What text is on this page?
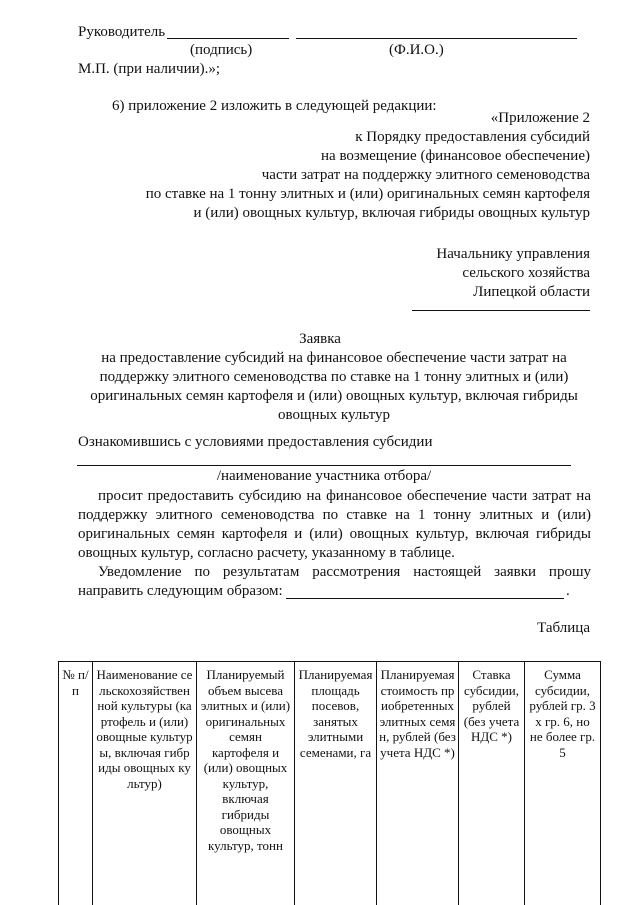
Руководитель
(подпись)	(Ф.И.О.)
М.П. (при наличии).»;
6) приложение 2 изложить в следующей редакции:
«Приложение 2
к Порядку предоставления субсидий
на возмещение (финансовое обеспечение)
части затрат на поддержку элитного семеноводства
по ставке на 1 тонну элитных и (или) оригинальных семян картофеля
и (или) овощных культур, включая гибриды овощных культур
Начальнику управления
сельского хозяйства
Липецкой области
Заявка
на предоставление субсидий на финансовое обеспечение части затрат на
поддержку элитного семеноводства по ставке на 1 тонну элитных и (или)
оригинальных семян картофеля и (или) овощных культур, включая гибриды
овощных культур
Ознакомившись с условиями предоставления субсидии
/наименование участника отбора/
просит предоставить субсидию на финансовое обеспечение части затрат на
поддержку элитного семеноводства по ставке на 1 тонну элитных и (или)
оригинальных семян картофеля и (или) овощных культур, включая гибриды
овощных культур, согласно расчету, указанному в таблице.
Уведомление по результатам рассмотрения настоящей заявки прошу
направить следующим образом:	.
Таблица
№ п/п
Наименование сельскохозяйственной культуры (картофель и (или) овощные культуры, включая гибриды овощных культур)
Планируемый объем высева элитных и (или) оригинальных семян картофеля и (или) овощных культур, включая гибриды овощных культур, тонн
Планируемая площадь посевов, занятых элитными семенами, га
Планируемая стоимость приобретенных элитных семян, рублей (без учета НДС *)
Ставка субсидии, рублей (без учета НДС *)
Сумма субсидии, рублей гр. 3 х гр. 6, но не более гр. 5
